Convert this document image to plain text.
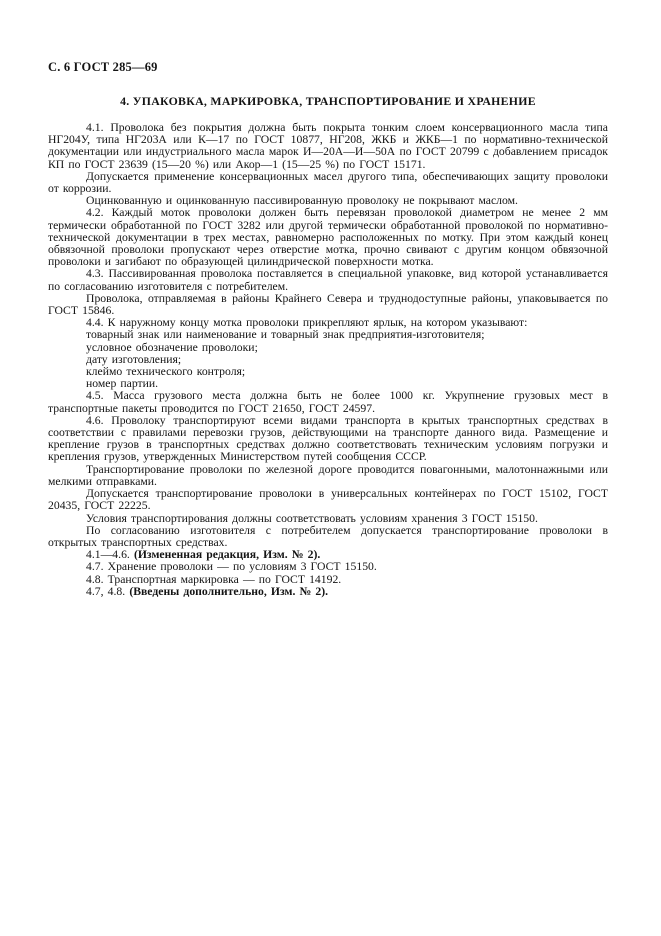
С. 6 ГОСТ 285—69
4. УПАКОВКА, МАРКИРОВКА, ТРАНСПОРТИРОВАНИЕ И ХРАНЕНИЕ

4.1. Проволока без покрытия должна быть покрыта тонким слоем консервационного масла типа НГ204У, типа НГ203А или К—17 по ГОСТ 10877, НГ208, ЖКБ и ЖКБ—1 по нормативно-технической документации или индустриального масла марок И—20А—И—50А по ГОСТ 20799 с добавлением присадок КП по ГОСТ 23639 (15—20 %) или Акор—1 (15—25 %) по ГОСТ 15171.

Допускается применение консервационных масел другого типа, обеспечивающих защиту проволоки от коррозии.

Оцинкованную и оцинкованную пассивированную проволоку не покрывают маслом.

4.2. Каждый моток проволоки должен быть перевязан проволокой диаметром не менее 2 мм термически обработанной по ГОСТ 3282 или другой термически обработанной проволокой по нормативно-технической документации в трех местах, равномерно расположенных по мотку. При этом каждый конец обвязочной проволоки пропускают через отверстие мотка, прочно свивают с другим концом обвязочной проволоки и загибают по образующей цилиндрической поверхности мотка.

4.3. Пассивированная проволока поставляется в специальной упаковке, вид которой устанавливается по согласованию изготовителя с потребителем.

Проволока, отправляемая в районы Крайнего Севера и труднодоступные районы, упаковывается по ГОСТ 15846.

4.4. К наружному концу мотка проволоки прикрепляют ярлык, на котором указывают:

товарный знак или наименование и товарный знак предприятия-изготовителя;

условное обозначение проволоки;

дату изготовления;

клеймо технического контроля;

номер партии.

4.5. Масса грузового места должна быть не более 1000 кг. Укрупнение грузовых мест в транспортные пакеты проводится по ГОСТ 21650, ГОСТ 24597.

4.6. Проволоку транспортируют всеми видами транспорта в крытых транспортных средствах в соответствии с правилами перевозки грузов, действующими на транспорте данного вида. Размещение и крепление грузов в транспортных средствах должно соответствовать техническим условиям погрузки и крепления грузов, утвержденных Министерством путей сообщения СССР.

Транспортирование проволоки по железной дороге проводится повагонными, малотоннажными или мелкими отправками.

Допускается транспортирование проволоки в универсальных контейнерах по ГОСТ 15102, ГОСТ 20435, ГОСТ 22225.

Условия транспортирования должны соответствовать условиям хранения 3 ГОСТ 15150.

По согласованию изготовителя с потребителем допускается транспортирование проволоки в открытых транспортных средствах.

4.1—4.6. (Измененная редакция, Изм. № 2).

4.7. Хранение проволоки — по условиям 3 ГОСТ 15150.

4.8. Транспортная маркировка — по ГОСТ 14192.

4.7, 4.8. (Введены дополнительно, Изм. № 2).
